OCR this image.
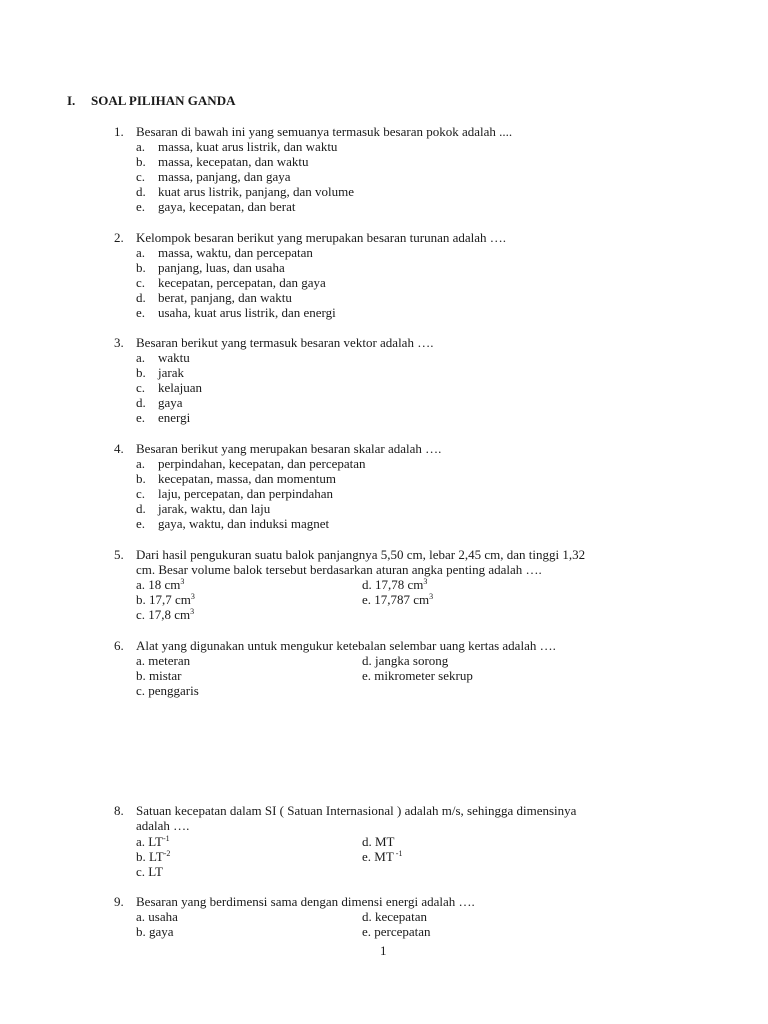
I. SOAL PILIHAN GANDA
1. Besaran di bawah ini yang semuanya termasuk besaran pokok adalah ....
a. massa, kuat arus listrik, dan waktu
b. massa, kecepatan, dan waktu
c. massa, panjang, dan gaya
d. kuat arus listrik, panjang, dan volume
e. gaya, kecepatan, dan berat
2. Kelompok besaran berikut yang merupakan besaran turunan adalah ….
a. massa, waktu, dan percepatan
b. panjang, luas, dan usaha
c. kecepatan, percepatan, dan gaya
d. berat, panjang, dan waktu
e. usaha, kuat arus listrik, dan energi
3. Besaran berikut yang termasuk besaran vektor adalah ….
a. waktu
b. jarak
c. kelajuan
d. gaya
e. energi
4. Besaran berikut yang merupakan besaran skalar adalah ….
a. perpindahan, kecepatan, dan percepatan
b. kecepatan, massa, dan momentum
c. laju, percepatan, dan perpindahan
d. jarak, waktu, dan laju
e. gaya, waktu, dan induksi magnet
5. Dari hasil pengukuran suatu balok panjangnya 5,50 cm, lebar 2,45 cm, dan tinggi 1,32
cm. Besar volume balok tersebut berdasarkan aturan angka penting adalah ….
a. 18 $cm^3$
b. 17,7 $cm^3$
c. 17,8 $cm^3$
d. 17,78 $cm^3$
e. 17,787 $cm^3$
6. Alat yang digunakan untuk mengukur ketebalan selembar uang kertas adalah ….
a. meteran
b. mistar
c. penggaris
d. jangka sorong
e. mikrometer sekrup
8. Satuan kecepatan dalam SI ( Satuan Internasional ) adalah m/s, sehingga dimensinya
adalah ….
a. $LT^{-1}$
b. $LT^{-2}$
c. LT
d. MT
e. MT $^{-1}$
9. Besaran yang berdimensi sama dengan dimensi energi adalah ….
a. usaha
b. gaya
d. kecepatan
e. percepatan
1
